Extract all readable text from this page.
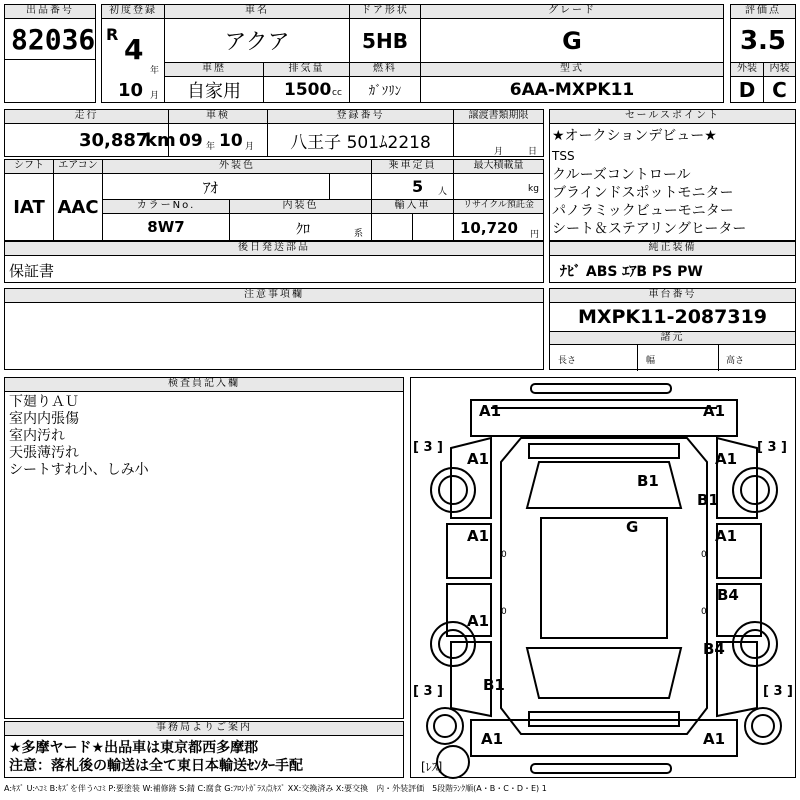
出品番号
82036
初度登録
R 4
年
10 月
車名
アクア
ドア形状
5HB
グレード
G
評価点
3.5
車歴
自家用
排気量
1500 cc
燃料
ｶﾞｿﾘﾝ
型式
6AA-MXPK11
外装
D
内装
C
走行
30,887
km
車検
09 年 10 月
登録番号
八王子 501ﾑ2218
譲渡書類期限
月	日
セールスポイント
★オークションデビュー★
TSS
クルーズコントロール
ブラインドスポットモニター
パノラミックビューモニター
シート＆ステアリングヒーター
シフト
IAT
エアコン
AAC
外装色
ｱｵ
乗車定員
5 人
最大積載量
kg
カラーNo.
8W7
内装色
ｸﾛ	系
輸入車	リサイクル預託金
10,720 円
後日発送部品
保証書
純正装備
ﾅﾋﾞ ABS ｴｱB PS PW
注意事項欄	車台番号
MXPK11-2087319
諸元
長さ	幅	高さ
検査員記入欄
下廻りＡＵ
室内内張傷
室内汚れ
天張薄汚れ
シートすれ小、しみ小
事務局よりご案内
★多摩ヤード★出品車は東京都西多摩郡
注意：落札後の輸送は全て東日本輸送ｾﾝﾀｰ手配
[ 3 ]	[ 3 ]
[ 3 ]	[ 3 ]
[ﾚｽ]
A1	A1
A1	A1
B1
B1
G
A1	A1
A1
B4
B4
B1
A1	A1
0	0
0	0
A:ｷｽﾞ U:ﾍｺﾐ B:ｷｽﾞを伴うﾍｺﾐ P:要塗装 W:補修跡 S:錆 C:腐食 G:ﾌﾛﾝﾄｶﾞﾗｽ点ｷｽﾞ XX:交換済み X:要交換　内・外装評価　5段階ﾗﾝｸ順(A・B・C・D・E) 1
